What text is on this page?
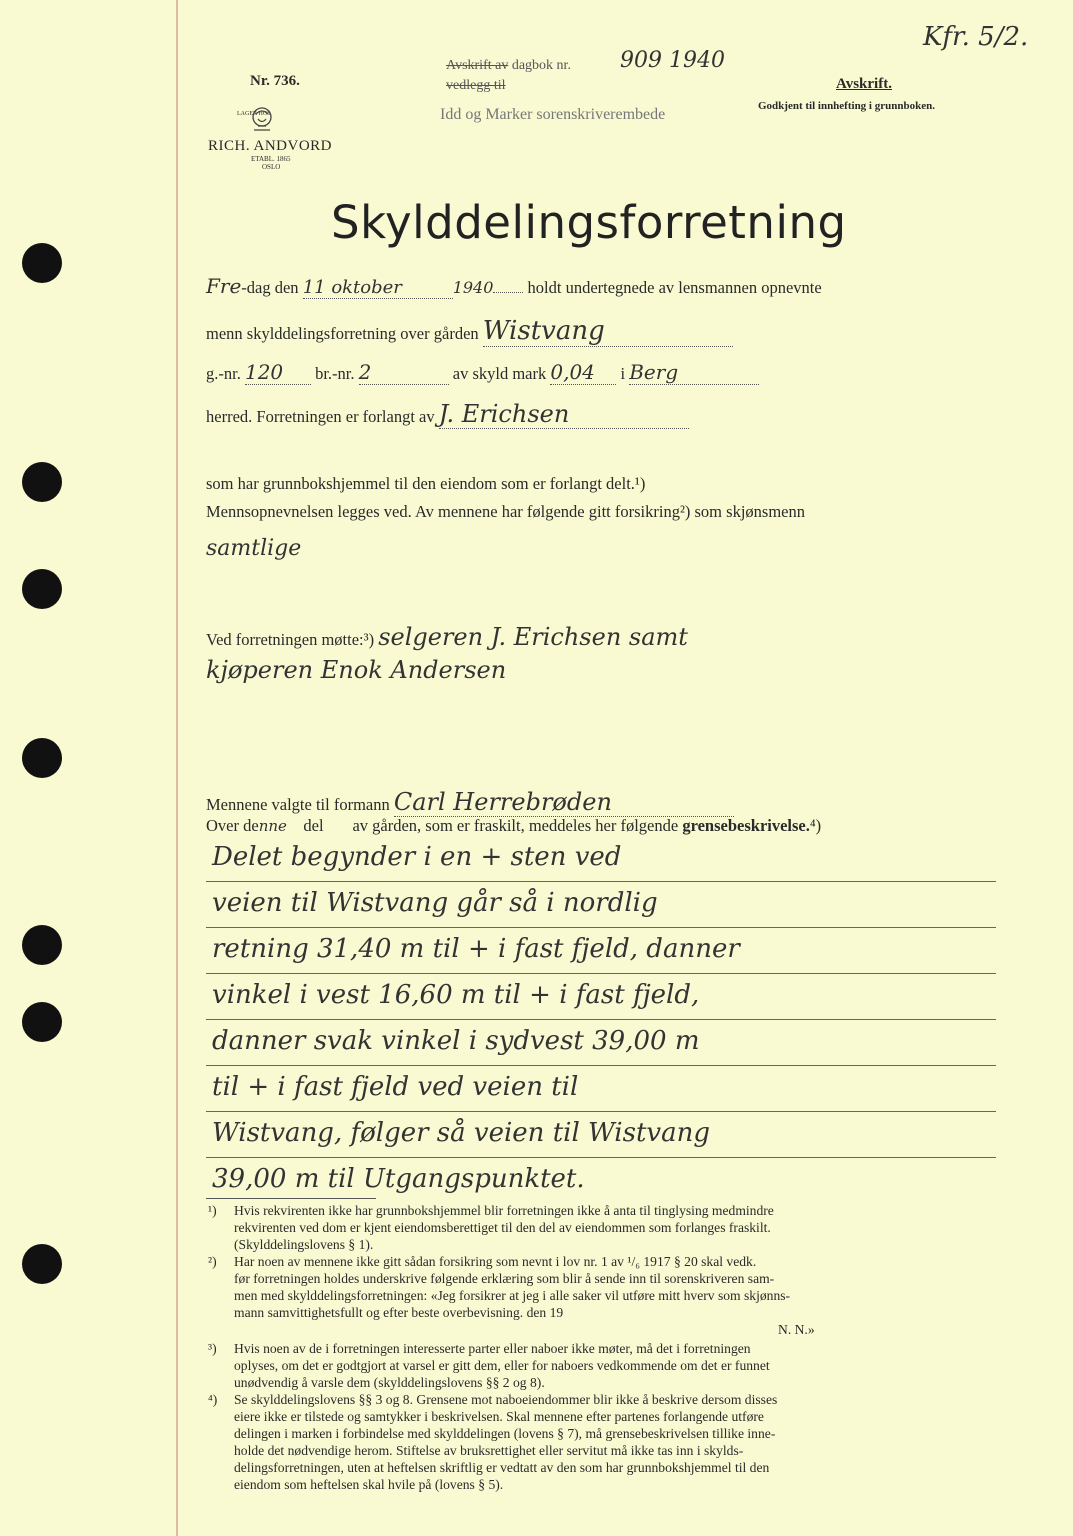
Nr. 736.
LAGER HOS
RICH. ANDVORD
ETABL. 1865
OSLO
Avskrift av dagbok nr. 909 1940
vedlegg til
Idd og Marker sorenskriverembede
Avskrift.
Godkjent til innhefting i grunnboken.
Kfr. 5/2.
Skylddelingsforretning
Fre-dag den 11 oktober	1940 holdt undertegnede av lensmannen opnevnte
menn skylddelingsforretning over gården Wistvang
g.-nr. 120 br.-nr. 2	av skyld mark 0,04 i Berg
herred. Forretningen er forlangt av J. Erichsen
som har grunnbokshjemmel til den eiendom som er forlangt delt.¹)
Mennsopnevnelsen legges ved. Av mennene har følgende gitt forsikring²) som skjønsmenn
samtlige
Ved forretningen møtte:³) selgeren J. Erichsen samt
kjøperen Enok Andersen
Mennene valgte til formann Carl Herrebrøden
Over denne del av gården, som er fraskilt, meddeles her følgende grensebeskrivelse.⁴)
Delet begynder i en + sten ved
veien til Wistvang går så i nordlig
retning 31,40 m til + i fast fjeld, danner
vinkel i vest 16,60 m til + i fast fjeld,
danner svak vinkel i sydvest 39,00 m
til + i fast fjeld ved veien til
Wistvang, følger så veien til Wistvang
39,00 m til Utgangspunktet.
¹) Hvis rekvirenten ikke har grunnbokshjemmel blir forretningen ikke å anta til tinglysing medmindre
rekvirenten ved dom er kjent eiendomsberettiget til den del av eiendommen som forlanges fraskilt.
(Skylddelingslovens § 1).
²) Har noen av mennene ikke gitt sådan forsikring som nevnt i lov nr. 1 av ¹/₆ 1917 § 20 skal vedk.
før forretningen holdes underskrive følgende erklæring som blir å sende inn til sorenskriveren sam-
men med skylddelingsforretningen: «Jeg forsikrer at jeg i alle saker vil utføre mitt hverv som skjønns-
mann samvittighetsfullt og efter beste overbevisning. den 19
N. N.»
³) Hvis noen av de i forretningen interesserte parter eller naboer ikke møter, må det i forretningen
oplyses, om det er godtgjort at varsel er gitt dem, eller for naboers vedkommende om det er funnet
unødvendig å varsle dem (skylddelingslovens §§ 2 og 8).
⁴) Se skylddelingslovens §§ 3 og 8. Grensene mot naboeiendommer blir ikke å beskrive dersom disses
eiere ikke er tilstede og samtykker i beskrivelsen. Skal mennene efter partenes forlangende utføre
delingen i marken i forbindelse med skylddelingen (lovens § 7), må grensebeskrivelsen tillike inne-
holde det nødvendige herom. Stiftelse av bruksrettighet eller servitut må ikke tas inn i skylds-
delingsforretningen, uten at heftelsen skriftlig er vedtatt av den som har grunnbokshjemmel til den
eiendom som heftelsen skal hvile på (lovens § 5).
